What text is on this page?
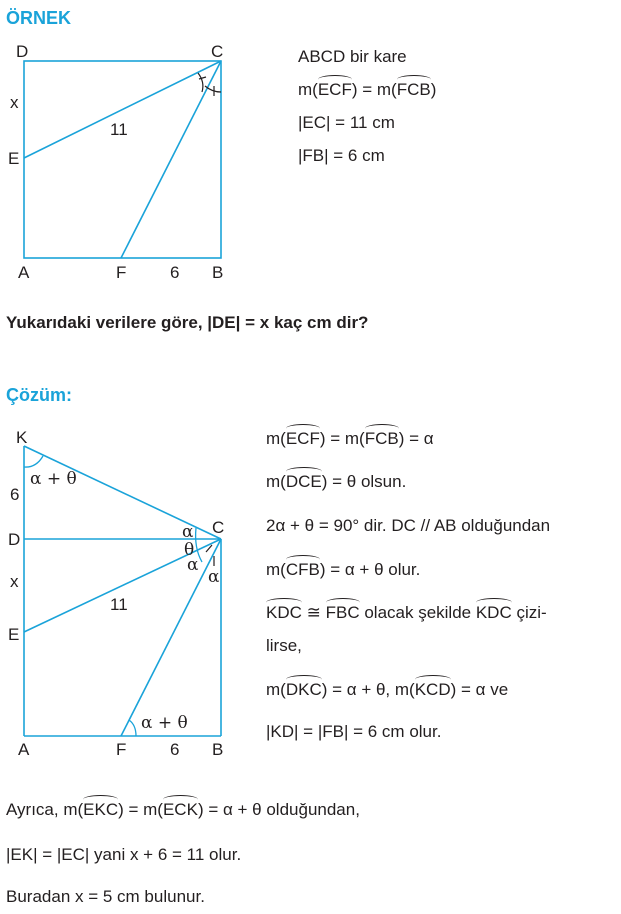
ÖRNEK
D	C
x
11
E
A	F	6 B
K
α + θ
6
D
C
α
θ
α
α
x
11
E
α + θ
A	F	6 B
ABCD bir kare
m(ECF) = m(FCB)
|EC| = 11 cm
|FB| = 6 cm
Yukarıdaki verilere göre, |DE| = x kaç cm dir?
Çözüm:
m(ECF) = m(FCB) = α
m(DCE) = θ olsun.
2α + θ = 90° dir. DC // AB olduğundan
m(CFB) = α + θ olur.
KDC ≅ FBC olacak şekilde KDC çizi-
lirse,
m(DKC) = α + θ, m(KCD) = α ve
|KD| = |FB| = 6 cm olur.
Ayrıca, m(EKC) = m(ECK) = α + θ olduğundan,
|EK| = |EC| yani x + 6 = 11 olur.
Buradan x = 5 cm bulunur.
